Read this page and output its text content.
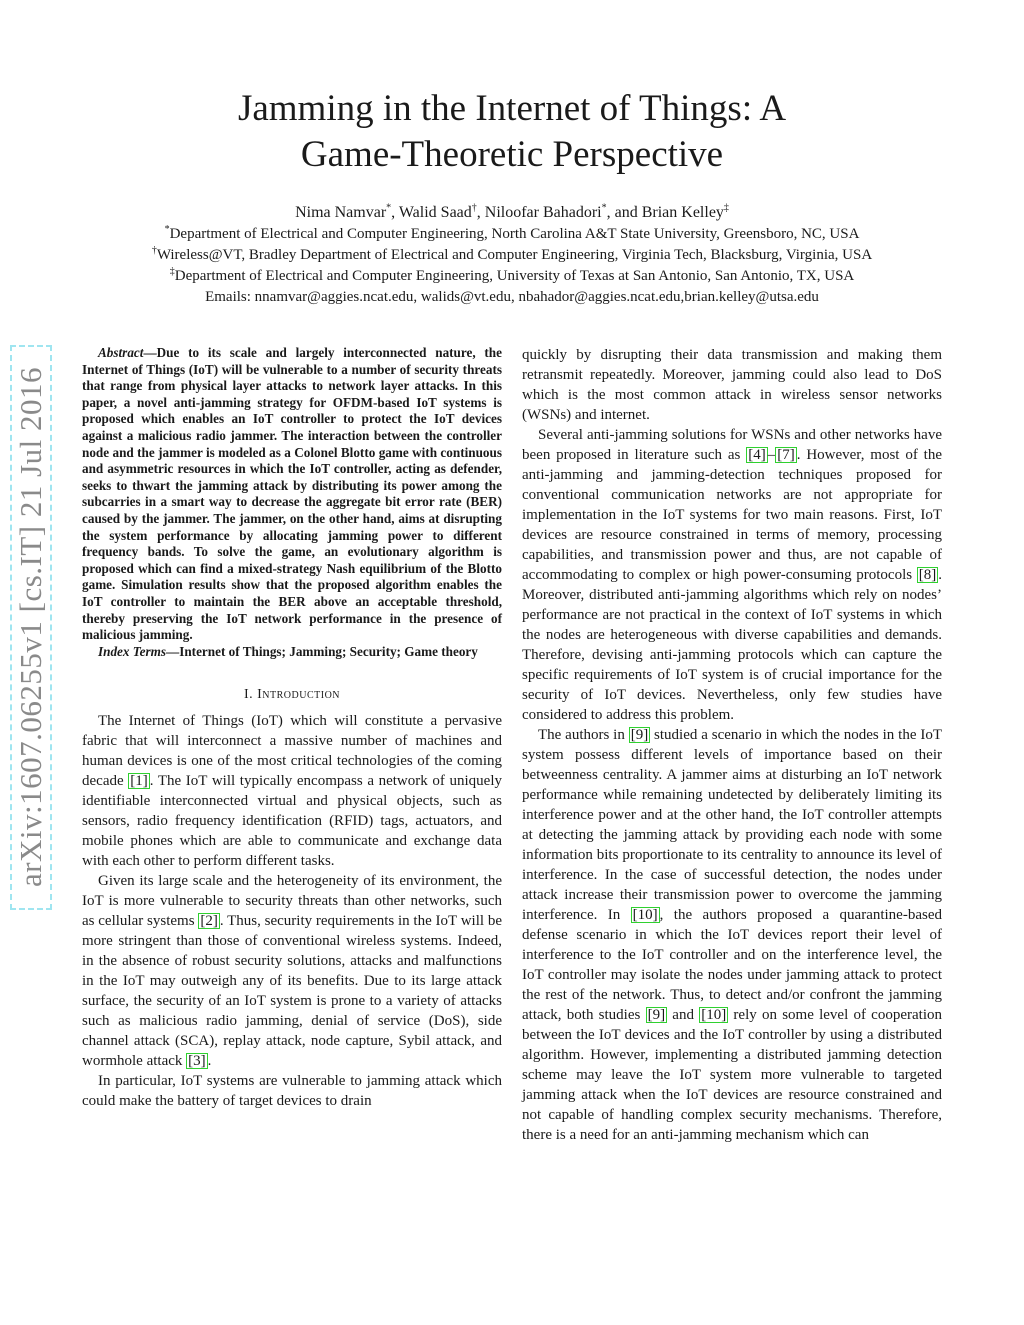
Jamming in the Internet of Things: A
Game-Theoretic Perspective
Nima Namvar*, Walid Saad†, Niloofar Bahadori*, and Brian Kelley‡
*Department of Electrical and Computer Engineering, North Carolina A&T State University, Greensboro, NC, USA
†Wireless@VT, Bradley Department of Electrical and Computer Engineering, Virginia Tech, Blacksburg, Virginia, USA
‡Department of Electrical and Computer Engineering, University of Texas at San Antonio, San Antonio, TX, USA
Emails: nnamvar@aggies.ncat.edu, walids@vt.edu, nbahador@aggies.ncat.edu,brian.kelley@utsa.edu
arXiv:1607.06255v1 [cs.IT] 21 Jul 2016

Abstract—Due to its scale and largely interconnected nature, the Internet of Things (IoT) will be vulnerable to a number of security threats that range from physical layer attacks to network layer attacks. In this paper, a novel anti-jamming strategy for OFDM-based IoT systems is proposed which enables an IoT controller to protect the IoT devices against a malicious radio jammer. The interaction between the controller node and the jammer is modeled as a Colonel Blotto game with continuous and asymmetric resources in which the IoT controller, acting as defender, seeks to thwart the jamming attack by distributing its power among the subcarries in a smart way to decrease the aggregate bit error rate (BER) caused by the jammer. The jammer, on the other hand, aims at disrupting the system performance by allocating jamming power to different frequency bands. To solve the game, an evolutionary algorithm is proposed which can find a mixed-strategy Nash equilibrium of the Blotto game. Simulation results show that the proposed algorithm enables the IoT controller to maintain the BER above an acceptable threshold, thereby preserving the IoT network performance in the presence of malicious jamming.

Index Terms—Internet of Things; Jamming; Security; Game theory

I. Introduction

The Internet of Things (IoT) which will constitute a pervasive fabric that will interconnect a massive number of machines and human devices is one of the most critical technologies of the coming decade [1] . The IoT will typically encompass a network of uniquely identifiable interconnected virtual and physical objects, such as sensors, radio frequency identification (RFID) tags, actuators, and mobile phones which are able to communicate and exchange data with each other to perform different tasks.

Given its large scale and the heterogeneity of its environment, the IoT is more vulnerable to security threats than other networks, such as cellular systems [2] . Thus, security requirements in the IoT will be more stringent than those of conventional wireless systems. Indeed, in the absence of robust security solutions, attacks and malfunctions in the IoT may outweigh any of its benefits. Due to its large attack surface, the security of an IoT system is prone to a variety of attacks such as malicious radio jamming, denial of service (DoS), side channel attack (SCA), replay attack, node capture, Sybil attack, and wormhole attack [3] .

In particular, IoT systems are vulnerable to jamming attack which could make the battery of target devices to drain

quickly by disrupting their data transmission and making them retransmit repeatedly. Moreover, jamming could also lead to DoS which is the most common attack in wireless sensor networks (WSNs) and internet.

Several anti-jamming solutions for WSNs and other networks have been proposed in literature such as [4] – [7] . However, most of the anti-jamming and jamming-detection techniques proposed for conventional communication networks are not appropriate for implementation in the IoT systems for two main reasons. First, IoT devices are resource constrained in terms of memory, processing capabilities, and transmission power and thus, are not capable of accommodating to complex or high power-consuming protocols [8] . Moreover, distributed anti-jamming algorithms which rely on nodes’ performance are not practical in the context of IoT systems in which the nodes are heterogeneous with diverse capabilities and demands. Therefore, devising anti-jamming protocols which can capture the specific requirements of IoT system is of crucial importance for the security of IoT devices. Nevertheless, only few studies have considered to address this problem.

The authors in [9] studied a scenario in which the nodes in the IoT system possess different levels of importance based on their betweenness centrality. A jammer aims at disturbing an IoT network performance while remaining undetected by deliberately limiting its interference power and at the other hand, the IoT controller attempts at detecting the jamming attack by providing each node with some information bits proportionate to its centrality to announce its level of interference. In the case of successful detection, the nodes under attack increase their transmission power to overcome the jamming interference. In [10] , the authors proposed a quarantine-based defense scenario in which the IoT devices report their level of interference to the IoT controller and on the interference level, the IoT controller may isolate the nodes under jamming attack to protect the rest of the network. Thus, to detect and/or confront the jamming attack, both studies [9] and [10] rely on some level of cooperation between the IoT devices and the IoT controller by using a distributed algorithm. However, implementing a distributed jamming detection scheme may leave the IoT system more vulnerable to targeted jamming attack when the IoT devices are resource constrained and not capable of handling complex security mechanisms. Therefore, there is a need for an anti-jamming mechanism which can
